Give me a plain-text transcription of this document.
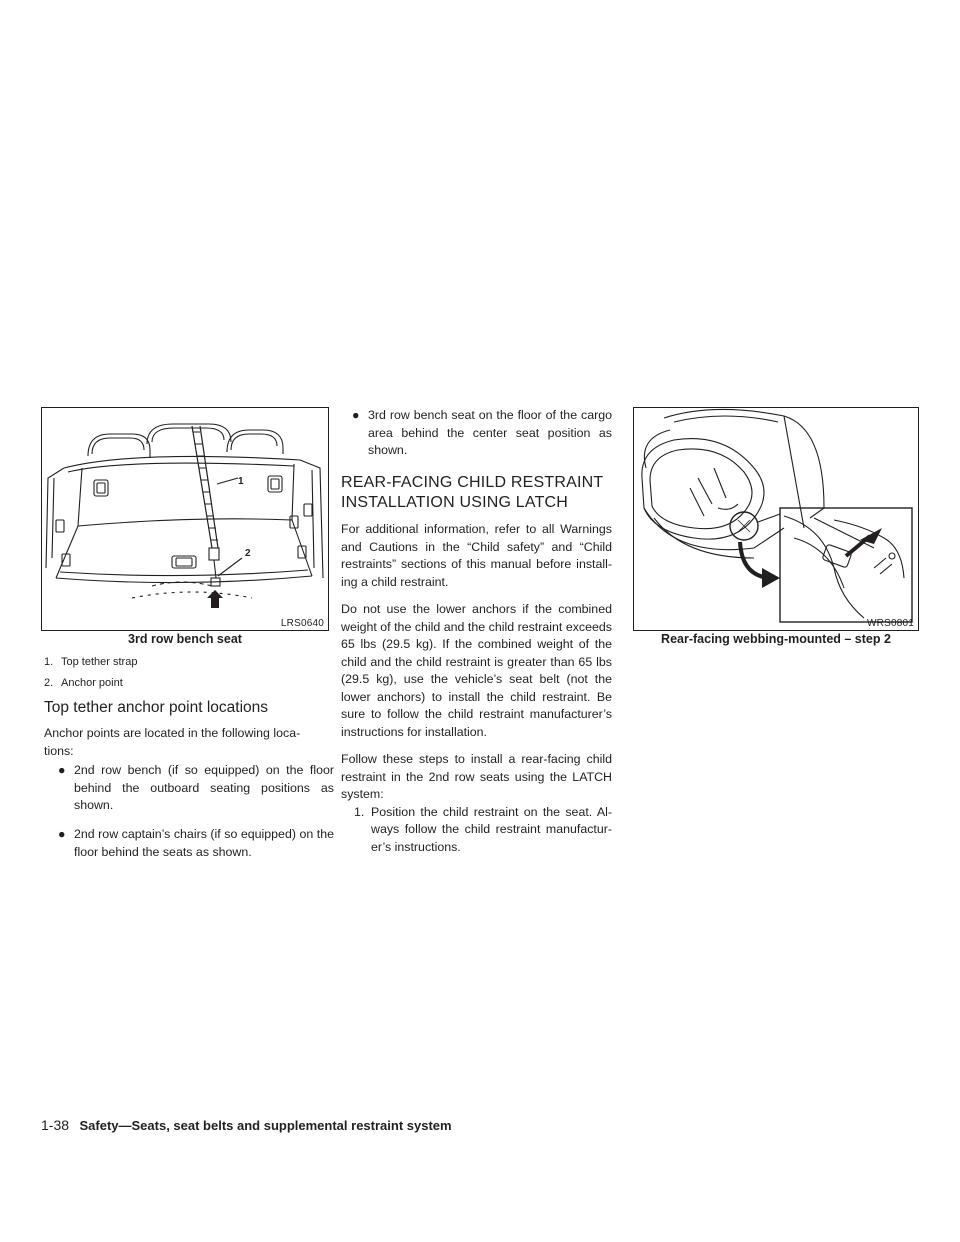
1
2
LRS0640
3rd row bench seat
1. Top tether strap
2. Anchor point
Top tether anchor point locations
Anchor points are located in the following loca-
tions:
● 2nd row bench (if so equipped) on the floor behind the outboard seating positions as shown.
● 2nd row captain’s chairs (if so equipped) on the floor behind the seats as shown.
● 3rd row bench seat on the floor of the cargo area behind the center seat position as shown.
REAR-FACING CHILD RESTRAINT
INSTALLATION USING LATCH

For additional information, refer to all Warnings and Cautions in the “Child safety” and “Child restraints” sections of this manual before install-ing a child restraint.

Do not use the lower anchors if the combined weight of the child and the child restraint exceeds 65 lbs (29.5 kg). If the combined weight of the child and the child restraint is greater than 65 lbs (29.5 kg), use the vehicle’s seat belt (not the lower anchors) to install the child restraint. Be sure to follow the child restraint manufacturer’s instructions for installation.

Follow these steps to install a rear-facing child restraint in the 2nd row seats using the LATCH system:

1. Position the child restraint on the seat. Al-ways follow the child restraint manufactur-er’s instructions.
WRS0801
Rear-facing webbing-mounted – step 2
1-38 Safety—Seats, seat belts and supplemental restraint system
